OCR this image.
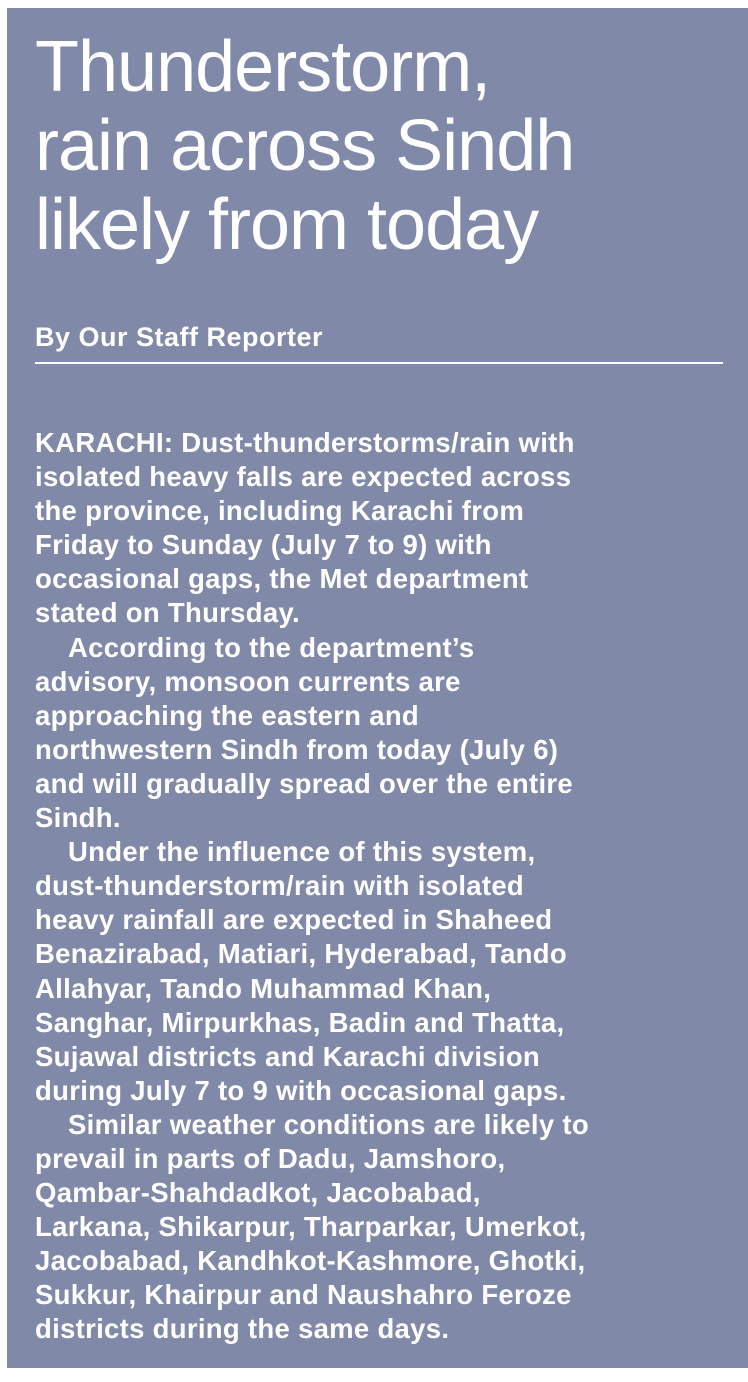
Thunderstorm,
rain across Sindh
likely from today

By Our Staff Reporter

KARACHI: Dust-thunderstorms/rain with
isolated heavy falls are expected across
the province, including Karachi from
Friday to Sunday (July 7 to 9) with
occasional gaps, the Met department
stated on Thursday.
According to the department’s
advisory, monsoon currents are
approaching the eastern and
northwestern Sindh from today (July 6)
and will gradually spread over the entire
Sindh.
Under the influence of this system,
dust-thunderstorm/rain with isolated
heavy rainfall are expected in Shaheed
Benazirabad, Matiari, Hyderabad, Tando
Allahyar, Tando Muhammad Khan,
Sanghar, Mirpurkhas, Badin and Thatta,
Sujawal districts and Karachi division
during July 7 to 9 with occasional gaps.
Similar weather conditions are likely to
prevail in parts of Dadu, Jamshoro,
Qambar-Shahdadkot, Jacobabad,
Larkana, Shikarpur, Tharparkar, Umerkot,
Jacobabad, Kandhkot-Kashmore, Ghotki,
Sukkur, Khairpur and Naushahro Feroze
districts during the same days.
